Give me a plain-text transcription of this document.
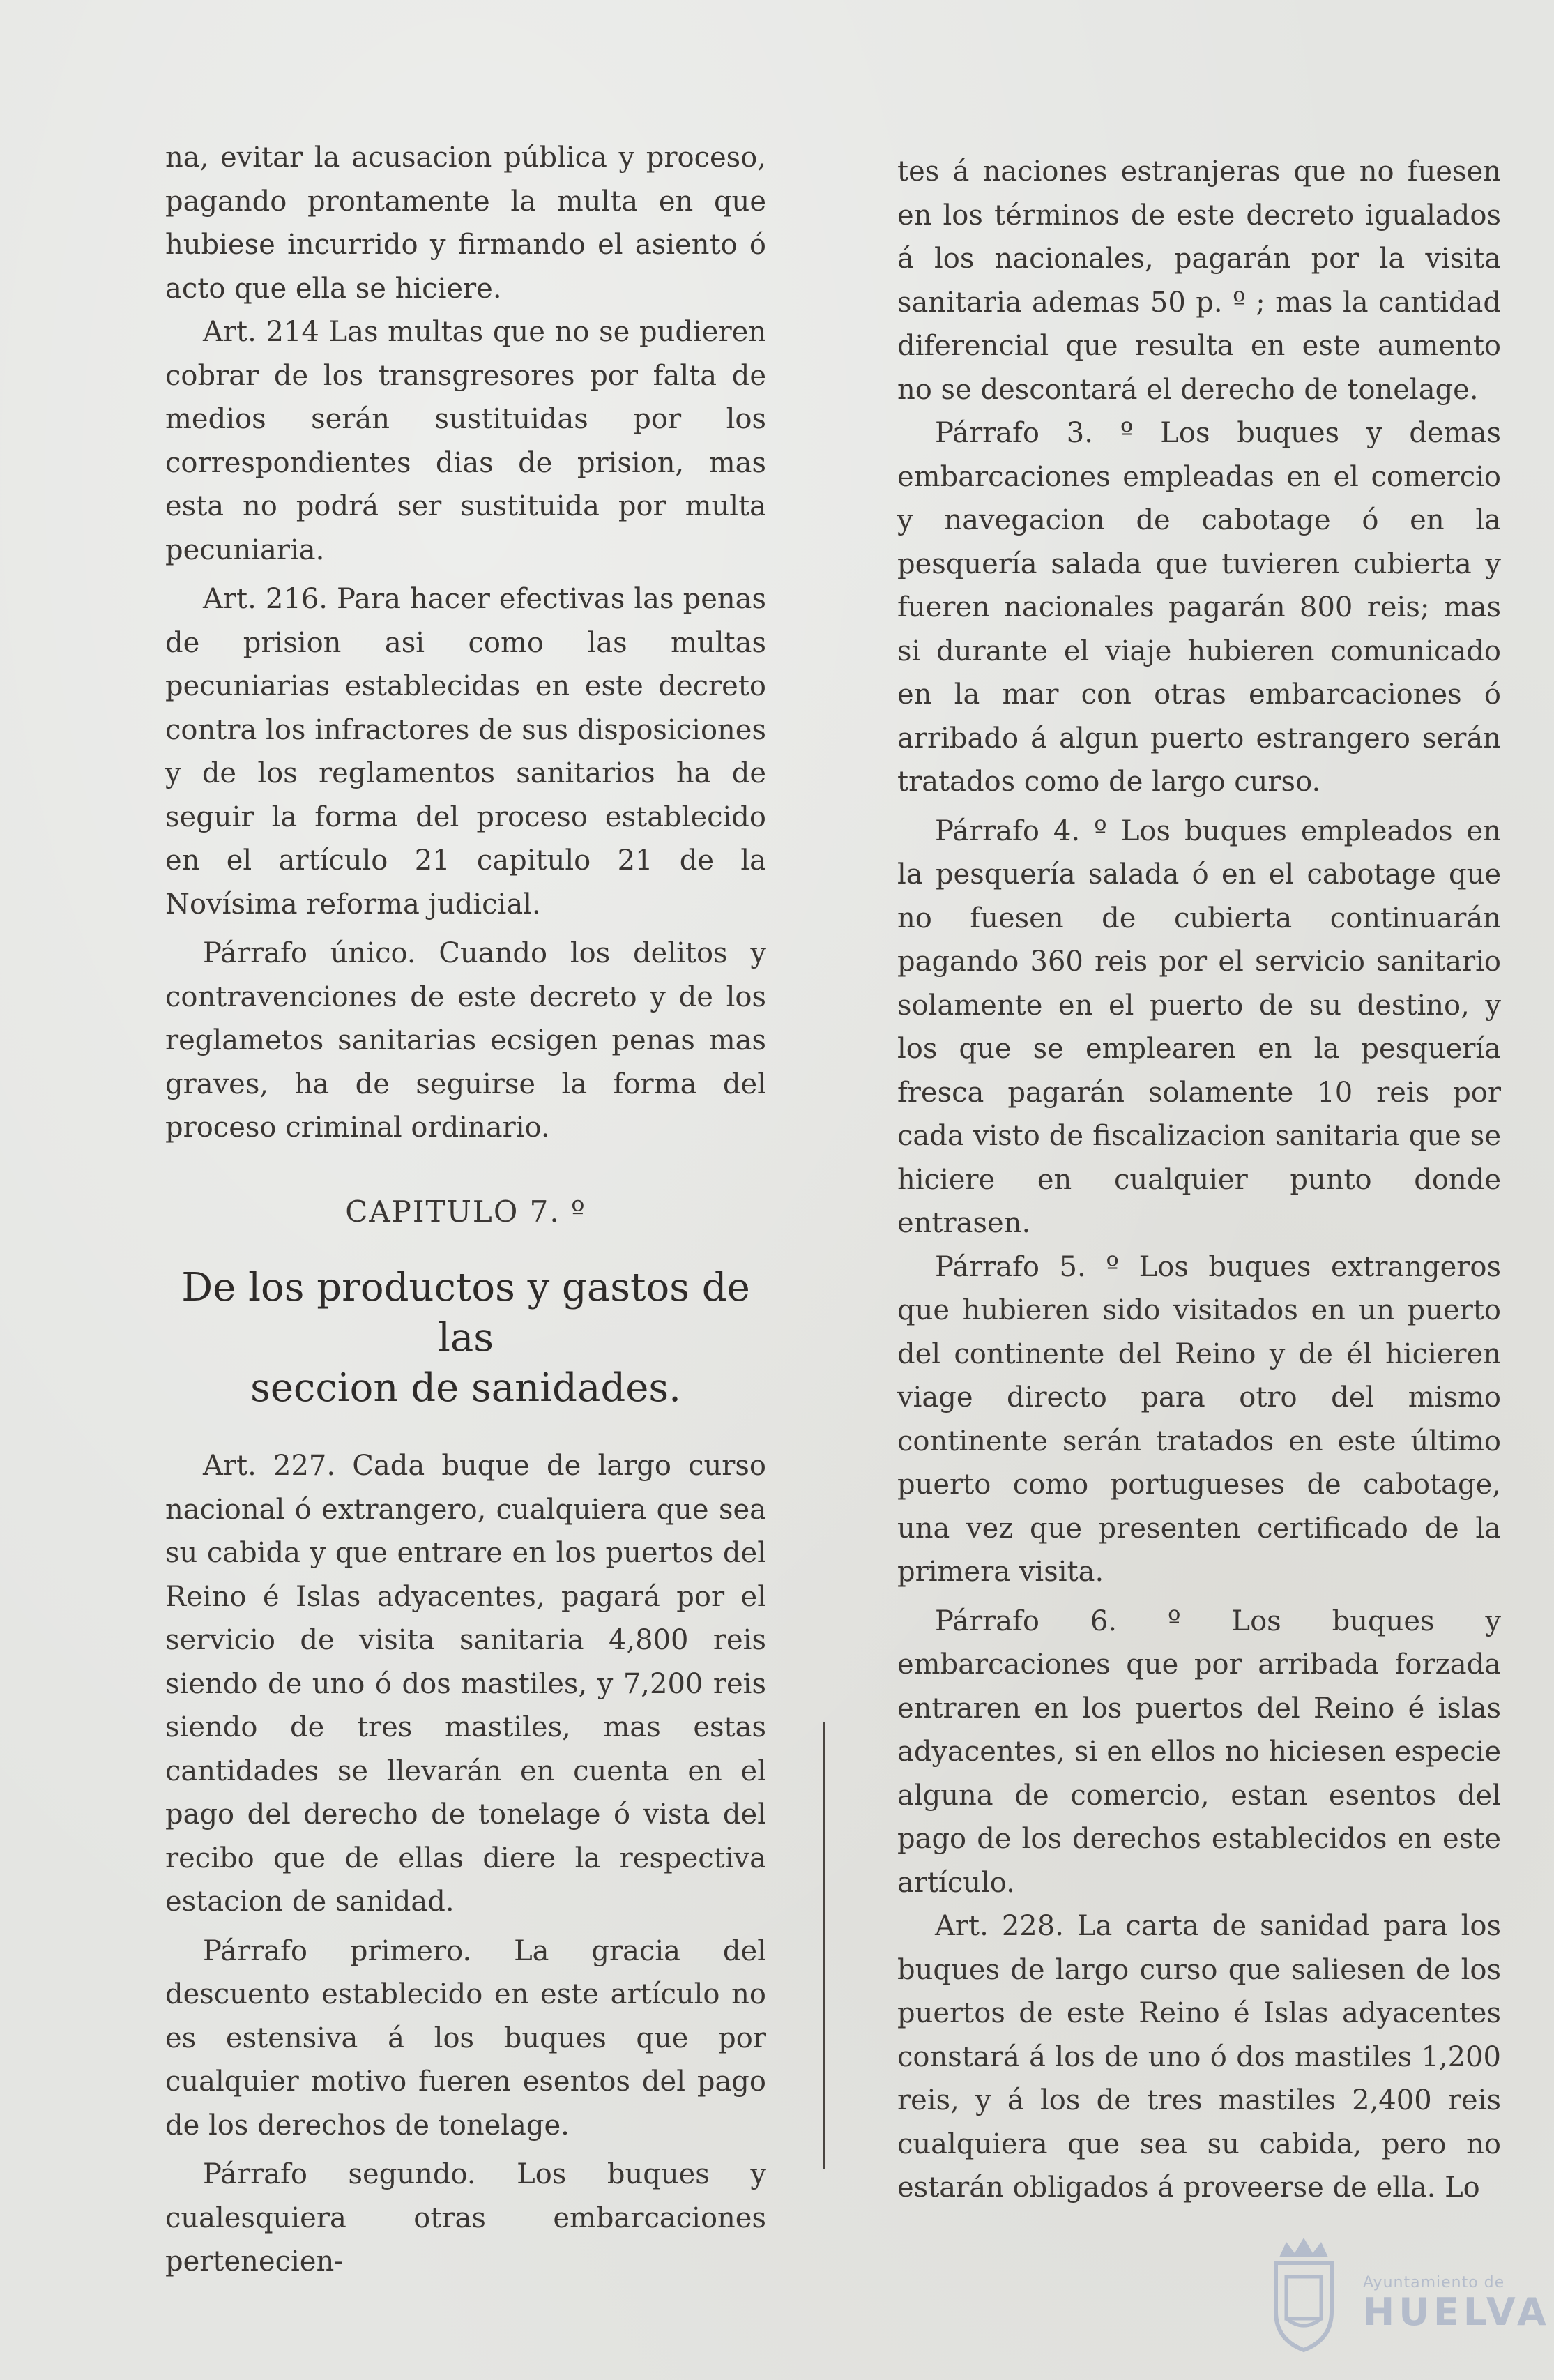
na, evitar la acusacion pública y proceso, pagando prontamente la multa en que hubiese incurrido y firmando el asiento ó acto que ella se hiciere.

Art. 214 Las multas que no se pudieren cobrar de los transgresores por falta de medios serán sustituidas por los correspondientes dias de prision, mas esta no podrá ser sustituida por multa pecuniaria.

Art. 216. Para hacer efectivas las penas de prision asi como las multas pecuniarias establecidas en este decreto contra los infractores de sus disposiciones y de los reglamentos sanitarios ha de seguir la forma del proceso establecido en el artículo 21 capitulo 21 de la Novísima reforma judicial.

Párrafo único. Cuando los delitos y contravenciones de este decreto y de los reglametos sanitarias ecsigen penas mas graves, ha de seguirse la forma del proceso criminal ordinario.

CAPITULO 7. º

De los productos y gastos de las
seccion de sanidades.

Art. 227. Cada buque de largo curso nacional ó extrangero, cualquiera que sea su cabida y que entrare en los puertos del Reino é Islas adyacentes, pagará por el servicio de visita sanitaria 4,800 reis siendo de uno ó dos mastiles, y 7,200 reis siendo de tres mastiles, mas estas cantidades se llevarán en cuenta en el pago del derecho de tonelage ó vista del recibo que de ellas diere la respectiva estacion de sanidad.

Párrafo primero. La gracia del descuento establecido en este artículo no es estensiva á los buques que por cualquier motivo fueren esentos del pago de los derechos de tonelage.

Párrafo segundo. Los buques y cualesquiera otras embarcaciones pertenecien-

tes á naciones estranjeras que no fuesen en los términos de este decreto igualados á los nacionales, pagarán por la visita sanitaria ademas 50 p. º ; mas la cantidad diferencial que resulta en este aumento no se descontará el derecho de tonelage.

Párrafo 3. º Los buques y demas embarcaciones empleadas en el comercio y navegacion de cabotage ó en la pesquería salada que tuvieren cubierta y fueren nacionales pagarán 800 reis; mas si durante el viaje hubieren comunicado en la mar con otras embarcaciones ó arribado á algun puerto estrangero serán tratados como de largo curso.

Párrafo 4. º Los buques empleados en la pesquería salada ó en el cabotage que no fuesen de cubierta continuarán pagando 360 reis por el servicio sanitario solamente en el puerto de su destino, y los que se emplearen en la pesquería fresca pagarán solamente 10 reis por cada visto de fiscalizacion sanitaria que se hiciere en cualquier punto donde entrasen.

Párrafo 5. º Los buques extrangeros que hubieren sido visitados en un puerto del continente del Reino y de él hicieren viage directo para otro del mismo continente serán tratados en este último puerto como portugueses de cabotage, una vez que presenten certificado de la primera visita.

Párrafo 6. º Los buques y embarcaciones que por arribada forzada entraren en los puertos del Reino é islas adyacentes, si en ellos no hiciesen especie alguna de comercio, estan esentos del pago de los derechos establecidos en este artículo.

Art. 228. La carta de sanidad para los buques de largo curso que saliesen de los puertos de este Reino é Islas adyacentes constará á los de uno ó dos mastiles 1,200 reis, y á los de tres mastiles 2,400 reis cualquiera que sea su cabida, pero no estarán obligados á proveerse de ella. Lo

Ayuntamiento de
HUELVA
